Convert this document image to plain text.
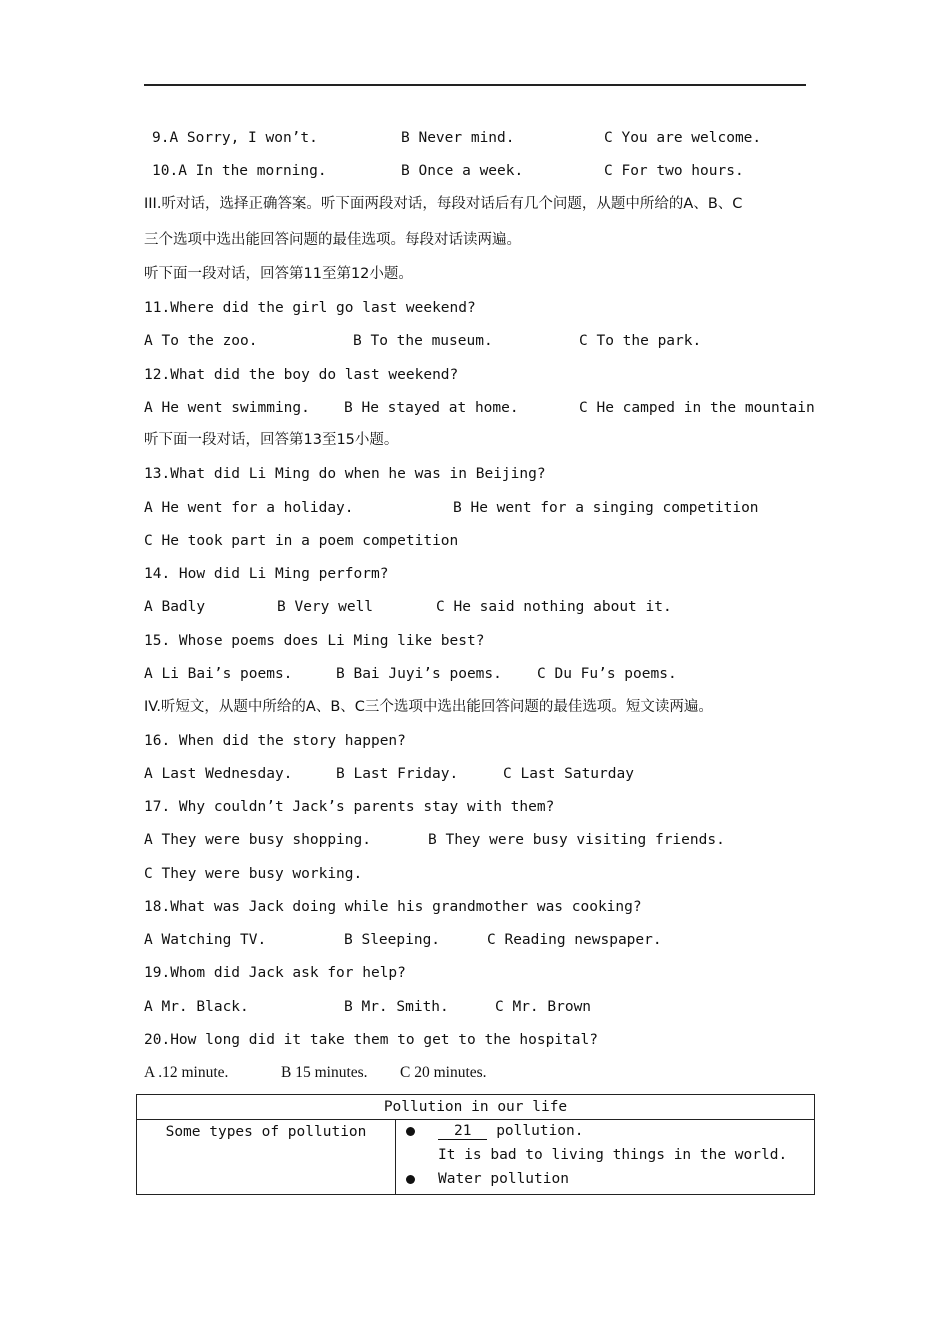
9.A Sorry, I won’t.	B Never mind.	C You are welcome.
10.A In the morning.	B Once a week.	C For two hours.
III.听对话，选择正确答案。听下面两段对话，每段对话后有几个问题，从题中所给的A、B、C
三个选项中选出能回答问题的最佳选项。每段对话读两遍。
听下面一段对话，回答第11至第12小题。
11.Where did the girl go last weekend?
A To the zoo.	B To the museum.	C To the park.
12.What did the boy do last weekend?
A He went swimming. B He stayed at home.	C He camped in the mountain
听下面一段对话，回答第13至15小题。
13.What did Li Ming do when he was in Beijing?
A He went for a holiday.	B He went for a singing competition
C He took part in a poem competition
14. How did Li Ming perform?
A Badly	B Very well	C He said nothing about it.
15. Whose poems does Li Ming like best?
A Li Bai’s poems.	B Bai Juyi’s poems. C Du Fu’s poems.
IV.听短文，从题中所给的A、B、C三个选项中选出能回答问题的最佳选项。短文读两遍。
16. When did the story happen?
A Last Wednesday.	B Last Friday.	C Last Saturday
17. Why couldn’t Jack’s parents stay with them?
A They were busy shopping.	B They were busy visiting friends.
C They were busy working.
18.What was Jack doing while his grandmother was cooking?
A Watching TV.	B Sleeping.	C Reading newspaper.
19.Whom did Jack ask for help?
A Mr. Black.	B Mr. Smith.	C Mr. Brown
20.How long did it take them to get to the hospital?
A .12 minute.	B 15 minutes. C 20 minutes.
Pollution in our life
Some types of pollution	21 pollution.
It is bad to living things in the world.
Water pollution
